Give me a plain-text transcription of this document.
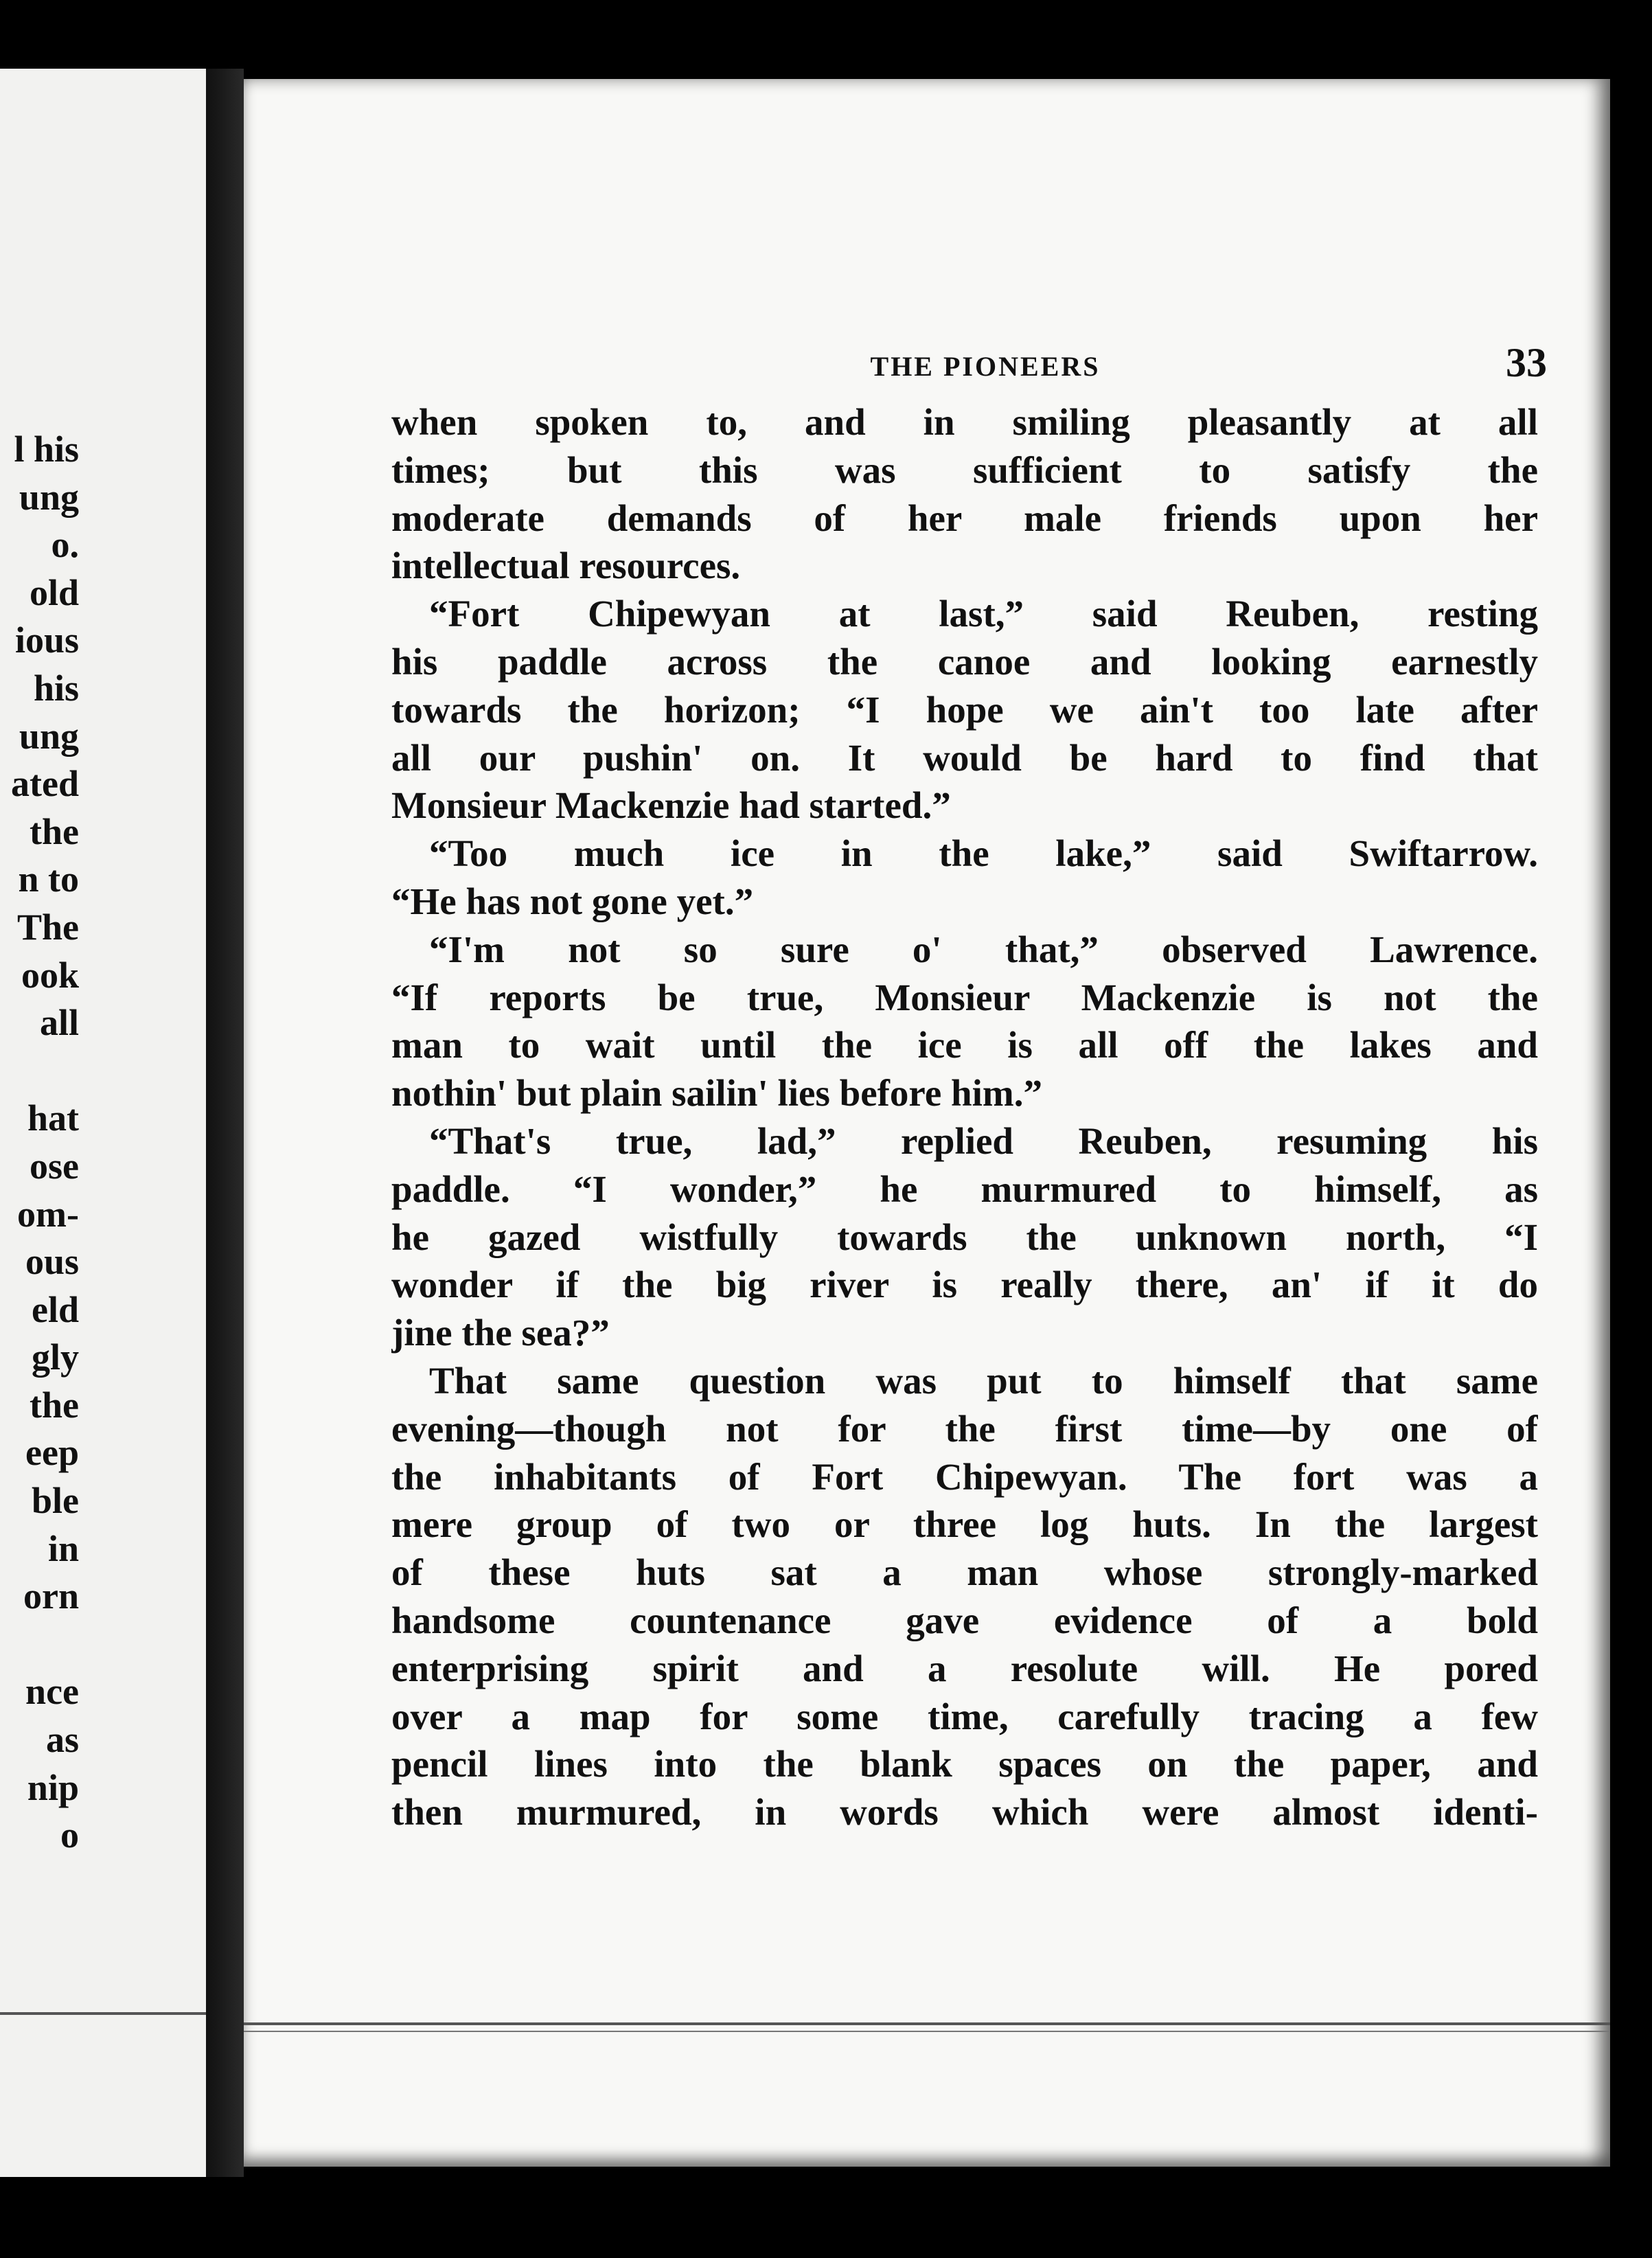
l his
ung
o.
old
ious
his
ung
ated
the
n to
The
ook
all
hat
ose
om-
ous
eld
gly
the
eep
ble
in
orn
nce
as
nip
o
THE PIONEERS	33
when spoken to, and in smiling pleasantly at all
times; but this was sufficient to satisfy the
moderate demands of her male friends upon her
intellectual resources.
“Fort Chipewyan at last,” said Reuben, resting
his paddle across the canoe and looking earnestly
towards the horizon; “I hope we ain't too late after
all our pushin' on. It would be hard to find that
Monsieur Mackenzie had started.”
“Too much ice in the lake,” said Swiftarrow.
“He has not gone yet.”
“I'm not so sure o' that,” observed Lawrence.
“If reports be true, Monsieur Mackenzie is not the
man to wait until the ice is all off the lakes and
nothin' but plain sailin' lies before him.”
“That's true, lad,” replied Reuben, resuming his
paddle. “I wonder,” he murmured to himself, as
he gazed wistfully towards the unknown north, “I
wonder if the big river is really there, an' if it do
jine the sea?”
That same question was put to himself that same
evening—though not for the first time—by one of
the inhabitants of Fort Chipewyan. The fort was a
mere group of two or three log huts. In the largest
of these huts sat a man whose strongly-marked
handsome countenance gave evidence of a bold
enterprising spirit and a resolute will. He pored
over a map for some time, carefully tracing a few
pencil lines into the blank spaces on the paper, and
then murmured, in words which were almost identi-
